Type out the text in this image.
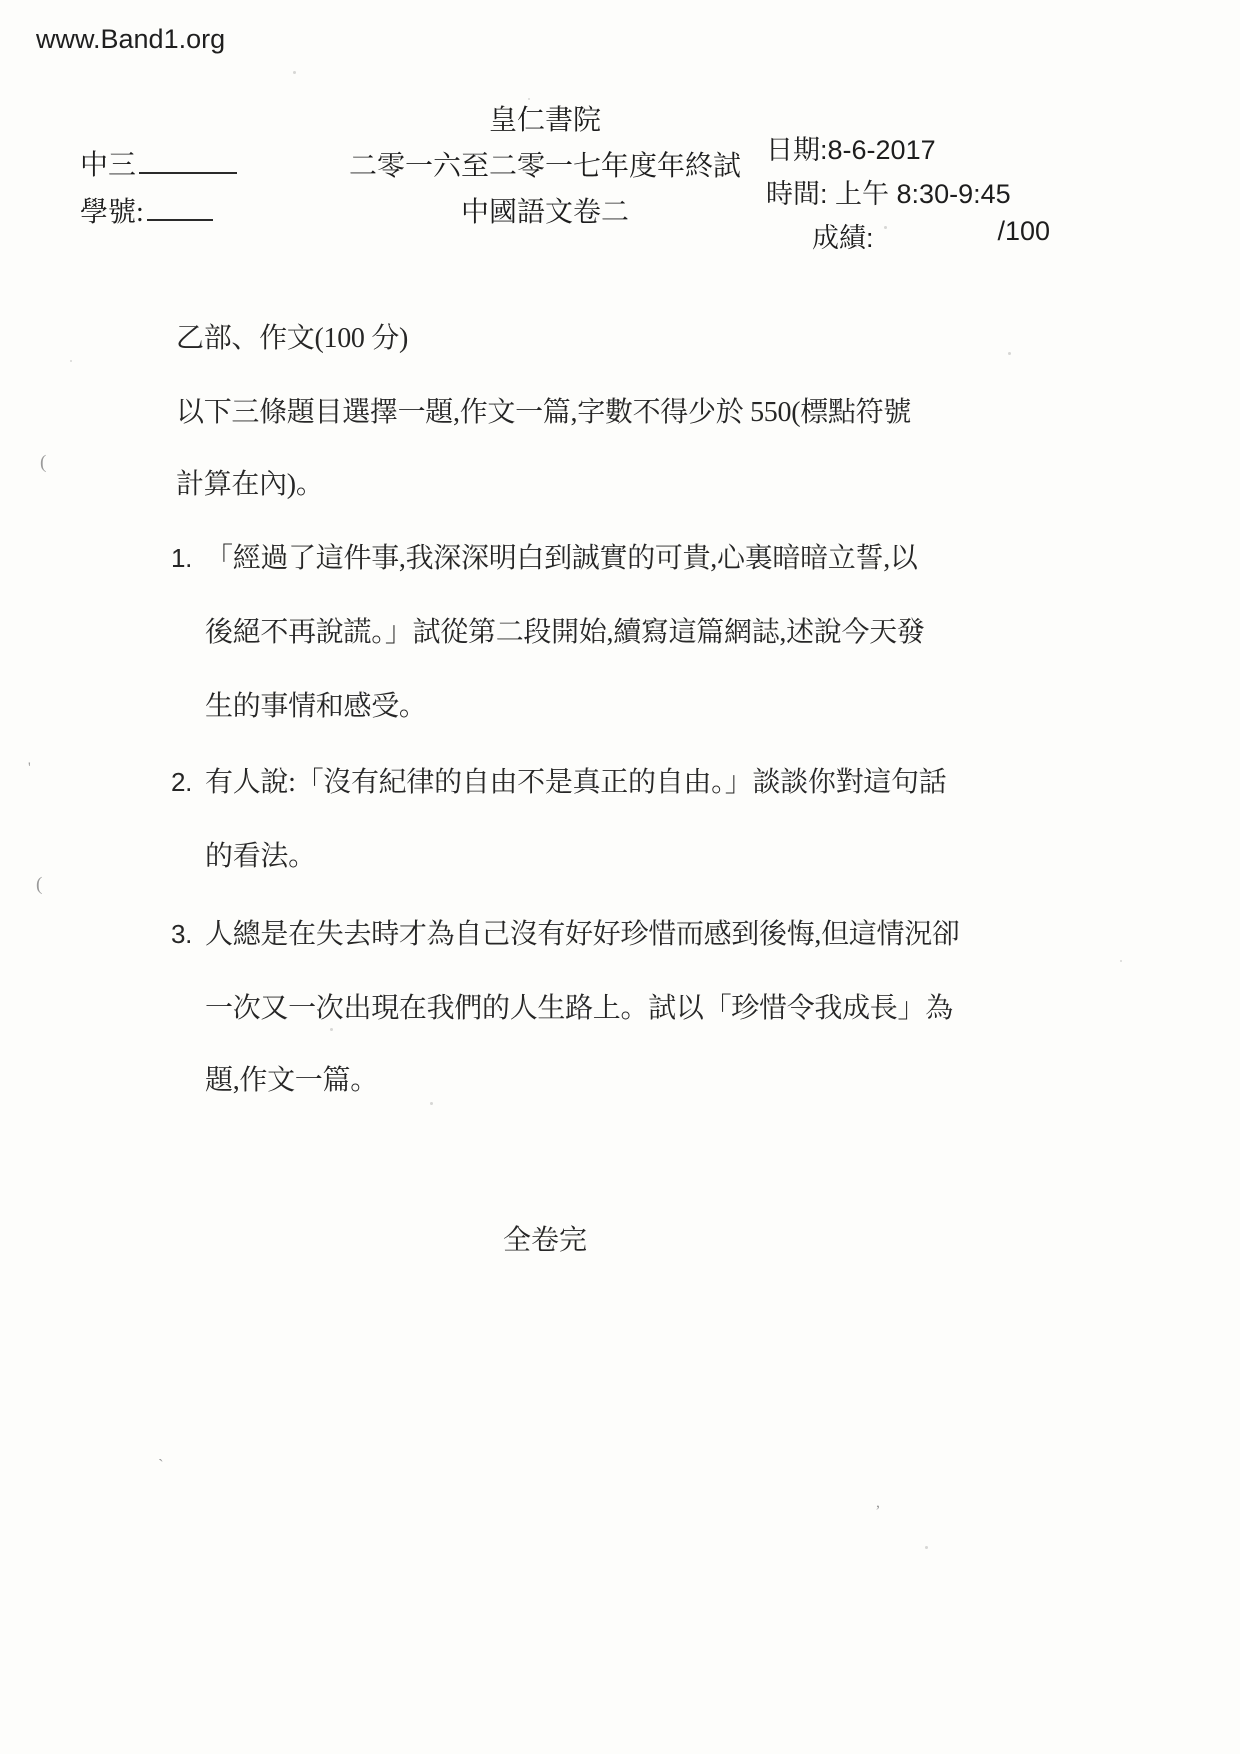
www.Band1.org
皇仁書院
二零一六至二零一七年度年終試
中國語文卷二
中三
學號:
日期:8-6-2017
時間: 上午 8:30-9:45
成績:	/100
乙部、作文(100 分)
以下三條題目選擇一題,作文一篇,字數不得少於 550(標點符號
計算在內)。
1. 「經過了這件事,我深深明白到誠實的可貴,心裏暗暗立誓,以
後絕不再說謊。」試從第二段開始,續寫這篇網誌,述說今天發
生的事情和感受。
2. 有人說:「沒有紀律的自由不是真正的自由。」談談你對這句話
的看法。
3. 人總是在失去時才為自己沒有好好珍惜而感到後悔,但這情況卻
一次又一次出現在我們的人生路上。試以「珍惜令我成長」為
題,作文一篇。
全卷完
(
'
(
`
,
